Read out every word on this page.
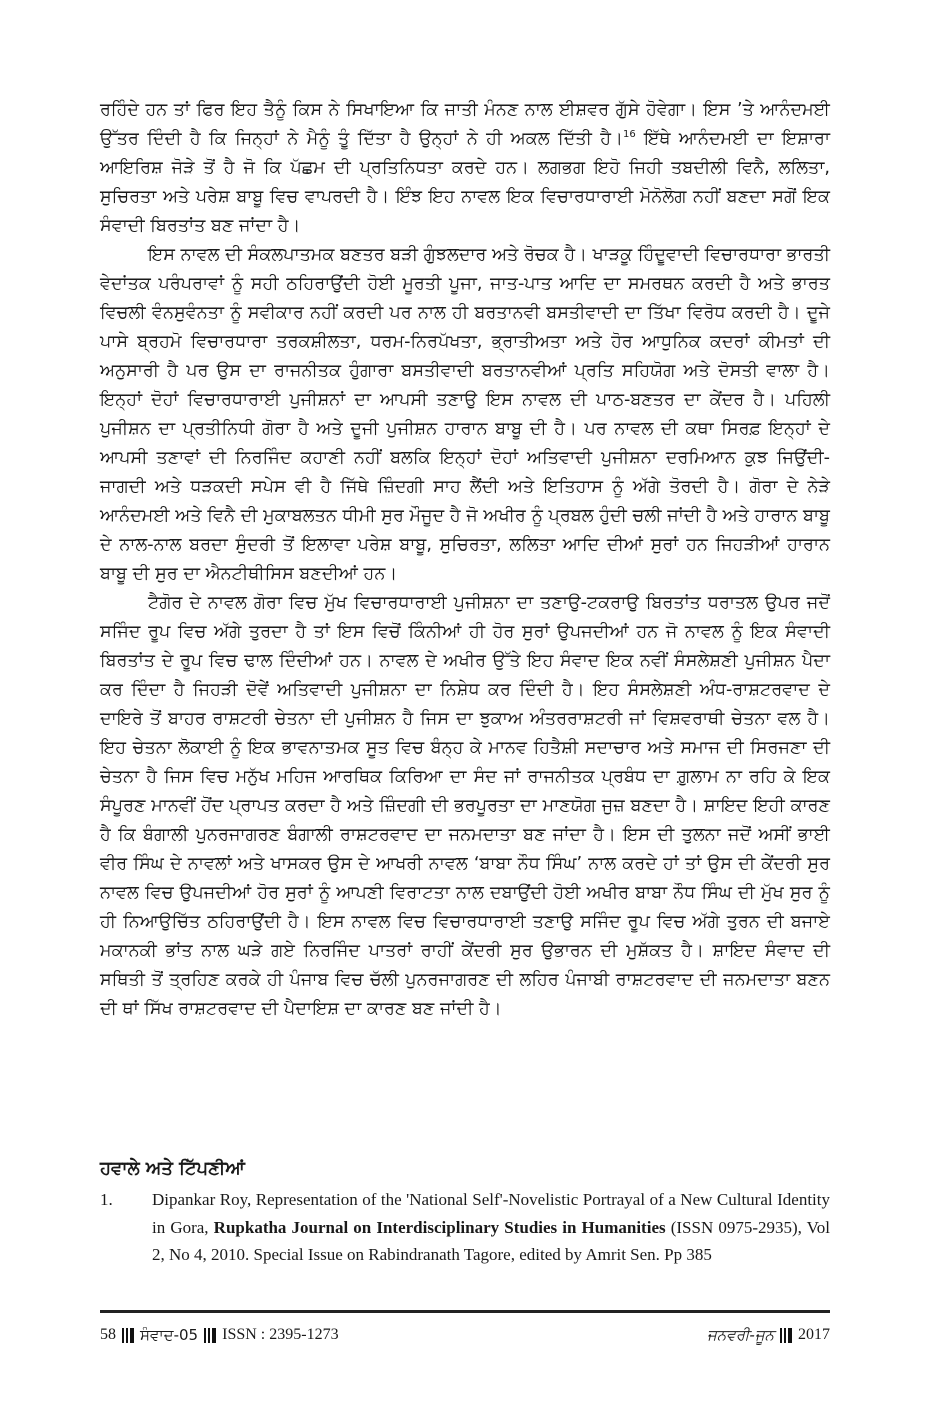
ਰਹਿੰਦੇ ਹਨ ਤਾਂ ਫਿਰ ਇਹ ਤੈਨੂੰ ਕਿਸ ਨੇ ਸਿਖਾਇਆ ਕਿ ਜਾਤੀ ਮੰਨਣ ਨਾਲ ਈਸ਼ਵਰ ਗੁੱਸੇ ਹੋਵੇਗਾ। ਇਸ ’ਤੇ ਆਨੰਦਮਈ ਉੱਤਰ ਦਿੰਦੀ ਹੈ ਕਿ ਜਿਨ੍ਹਾਂ ਨੇ ਮੈਨੂੰ ਤੂੰ ਦਿੱਤਾ ਹੈ ਉਨ੍ਹਾਂ ਨੇ ਹੀ ਅਕਲ ਦਿੱਤੀ ਹੈ।$^{16}$ ਇੱਥੇ ਆਨੰਦਮਈ ਦਾ ਇਸ਼ਾਰਾ ਆਇਰਿਸ਼ ਜੋੜੇ ਤੋਂ ਹੈ ਜੋ ਕਿ ਪੱਛਮ ਦੀ ਪ੍ਰਤਿਨਿਧਤਾ ਕਰਦੇ ਹਨ। ਲਗਭਗ ਇਹੋ ਜਿਹੀ ਤਬਦੀਲੀ ਵਿਨੈ, ਲਲਿਤਾ, ਸੁਚਿਰਤਾ ਅਤੇ ਪਰੇਸ਼ ਬਾਬੂ ਵਿਚ ਵਾਪਰਦੀ ਹੈ। ਇੰਝ ਇਹ ਨਾਵਲ ਇਕ ਵਿਚਾਰਧਾਰਾਈ ਮੋਨੋਲੋਗ ਨਹੀਂ ਬਣਦਾ ਸਗੋਂ ਇਕ ਸੰਵਾਦੀ ਬਿਰਤਾਂਤ ਬਣ ਜਾਂਦਾ ਹੈ।

ਇਸ ਨਾਵਲ ਦੀ ਸੰਕਲਪਾਤਮਕ ਬਣਤਰ ਬੜੀ ਗੁੰਝਲਦਾਰ ਅਤੇ ਰੋਚਕ ਹੈ। ਖਾੜਕੂ ਹਿੰਦੂਵਾਦੀ ਵਿਚਾਰਧਾਰਾ ਭਾਰਤੀ ਵੇਦਾਂਤਕ ਪਰੰਪਰਾਵਾਂ ਨੂੰ ਸਹੀ ਠਹਿਰਾਉਂਦੀ ਹੋਈ ਮੂਰਤੀ ਪੂਜਾ, ਜਾਤ-ਪਾਤ ਆਦਿ ਦਾ ਸਮਰਥਨ ਕਰਦੀ ਹੈ ਅਤੇ ਭਾਰਤ ਵਿਚਲੀ ਵੰਨਸੁਵੰਨਤਾ ਨੂੰ ਸਵੀਕਾਰ ਨਹੀਂ ਕਰਦੀ ਪਰ ਨਾਲ ਹੀ ਬਰਤਾਨਵੀ ਬਸਤੀਵਾਦੀ ਦਾ ਤਿੱਖਾ ਵਿਰੋਧ ਕਰਦੀ ਹੈ। ਦੂਜੇ ਪਾਸੇ ਬ੍ਰਹਮੋ ਵਿਚਾਰਧਾਰਾ ਤਰਕਸ਼ੀਲਤਾ, ਧਰਮ-ਨਿਰਪੱਖਤਾ, ਭ੍ਰਾਤੀਅਤਾ ਅਤੇ ਹੋਰ ਆਧੁਨਿਕ ਕਦਰਾਂ ਕੀਮਤਾਂ ਦੀ ਅਨੁਸਾਰੀ ਹੈ ਪਰ ਉਸ ਦਾ ਰਾਜਨੀਤਕ ਹੁੰਗਾਰਾ ਬਸਤੀਵਾਦੀ ਬਰਤਾਨਵੀਆਂ ਪ੍ਰਤਿ ਸਹਿਯੋਗ ਅਤੇ ਦੋਸਤੀ ਵਾਲਾ ਹੈ। ਇਨ੍ਹਾਂ ਦੋਹਾਂ ਵਿਚਾਰਧਾਰਾਈ ਪੁਜੀਸ਼ਨਾਂ ਦਾ ਆਪਸੀ ਤਣਾਉ ਇਸ ਨਾਵਲ ਦੀ ਪਾਠ-ਬਣਤਰ ਦਾ ਕੇਂਦਰ ਹੈ। ਪਹਿਲੀ ਪੁਜੀਸ਼ਨ ਦਾ ਪ੍ਰਤੀਨਿਧੀ ਗੋਰਾ ਹੈ ਅਤੇ ਦੂਜੀ ਪੁਜੀਸ਼ਨ ਹਾਰਾਨ ਬਾਬੂ ਦੀ ਹੈ। ਪਰ ਨਾਵਲ ਦੀ ਕਥਾ ਸਿਰਫ਼ ਇਨ੍ਹਾਂ ਦੇ ਆਪਸੀ ਤਣਾਵਾਂ ਦੀ ਨਿਰਜਿੰਦ ਕਹਾਣੀ ਨਹੀਂ ਬਲਕਿ ਇਨ੍ਹਾਂ ਦੋਹਾਂ ਅਤਿਵਾਦੀ ਪੁਜੀਸ਼ਨਾ ਦਰਮਿਆਨ ਕੁਝ ਜਿਉਂਦੀ-ਜਾਗਦੀ ਅਤੇ ਧੜਕਦੀ ਸਪੇਸ ਵੀ ਹੈ ਜਿੱਥੇ ਜ਼ਿੰਦਗੀ ਸਾਹ ਲੈਂਦੀ ਅਤੇ ਇਤਿਹਾਸ ਨੂੰ ਅੱਗੇ ਤੋਰਦੀ ਹੈ। ਗੋਰਾ ਦੇ ਨੇੜੇ ਆਨੰਦਮਈ ਅਤੇ ਵਿਨੈ ਦੀ ਮੁਕਾਬਲਤਨ ਧੀਮੀ ਸੁਰ ਮੌਜੂਦ ਹੈ ਜੋ ਅਖੀਰ ਨੂੰ ਪ੍ਰਬਲ ਹੁੰਦੀ ਚਲੀ ਜਾਂਦੀ ਹੈ ਅਤੇ ਹਾਰਾਨ ਬਾਬੂ ਦੇ ਨਾਲ-ਨਾਲ ਬਰਦਾ ਸੁੰਦਰੀ ਤੋਂ ਇਲਾਵਾ ਪਰੇਸ਼ ਬਾਬੂ, ਸੁਚਿਰਤਾ, ਲਲਿਤਾ ਆਦਿ ਦੀਆਂ ਸੁਰਾਂ ਹਨ ਜਿਹੜੀਆਂ ਹਾਰਾਨ ਬਾਬੂ ਦੀ ਸੁਰ ਦਾ ਐਨਟੀਥੀਸਿਸ ਬਣਦੀਆਂ ਹਨ।

ਟੈਗੋਰ ਦੇ ਨਾਵਲ ਗੋਰਾ ਵਿਚ ਮੁੱਖ ਵਿਚਾਰਧਾਰਾਈ ਪੁਜੀਸ਼ਨਾ ਦਾ ਤਣਾਉ-ਟਕਰਾਉ ਬਿਰਤਾਂਤ ਧਰਾਤਲ ਉਪਰ ਜਦੋਂ ਸਜਿੰਦ ਰੂਪ ਵਿਚ ਅੱਗੇ ਤੁਰਦਾ ਹੈ ਤਾਂ ਇਸ ਵਿਚੋਂ ਕਿੰਨੀਆਂ ਹੀ ਹੋਰ ਸੁਰਾਂ ਉਪਜਦੀਆਂ ਹਨ ਜੋ ਨਾਵਲ ਨੂੰ ਇਕ ਸੰਵਾਦੀ ਬਿਰਤਾਂਤ ਦੇ ਰੂਪ ਵਿਚ ਢਾਲ ਦਿੰਦੀਆਂ ਹਨ। ਨਾਵਲ ਦੇ ਅਖੀਰ ਉੱਤੇ ਇਹ ਸੰਵਾਦ ਇਕ ਨਵੀਂ ਸੰਸਲੇਸ਼ਣੀ ਪੁਜੀਸ਼ਨ ਪੈਦਾ ਕਰ ਦਿੰਦਾ ਹੈ ਜਿਹੜੀ ਦੋਵੇਂ ਅਤਿਵਾਦੀ ਪੁਜੀਸ਼ਨਾ ਦਾ ਨਿਸ਼ੇਧ ਕਰ ਦਿੰਦੀ ਹੈ। ਇਹ ਸੰਸਲੇਸ਼ਣੀ ਅੰਧ-ਰਾਸ਼ਟਰਵਾਦ ਦੇ ਦਾਇਰੇ ਤੋਂ ਬਾਹਰ ਰਾਸ਼ਟਰੀ ਚੇਤਨਾ ਦੀ ਪੁਜੀਸ਼ਨ ਹੈ ਜਿਸ ਦਾ ਝੁਕਾਅ ਅੰਤਰਰਾਸ਼ਟਰੀ ਜਾਂ ਵਿਸ਼ਵਰਾਥੀ ਚੇਤਨਾ ਵਲ ਹੈ। ਇਹ ਚੇਤਨਾ ਲੋਕਾਈ ਨੂੰ ਇਕ ਭਾਵਨਾਤਮਕ ਸੂਤ ਵਿਚ ਬੰਨ੍ਹ ਕੇ ਮਾਨਵ ਹਿਤੈਸ਼ੀ ਸਦਾਚਾਰ ਅਤੇ ਸਮਾਜ ਦੀ ਸਿਰਜਣਾ ਦੀ ਚੇਤਨਾ ਹੈ ਜਿਸ ਵਿਚ ਮਨੁੱਖ ਮਹਿਜ ਆਰਥਿਕ ਕਿਰਿਆ ਦਾ ਸੰਦ ਜਾਂ ਰਾਜਨੀਤਕ ਪ੍ਰਬੰਧ ਦਾ ਗ਼ੁਲਾਮ ਨਾ ਰਹਿ ਕੇ ਇਕ ਸੰਪੂਰਣ ਮਾਨਵੀਂ ਹੋਂਦ ਪ੍ਰਾਪਤ ਕਰਦਾ ਹੈ ਅਤੇ ਜ਼ਿੰਦਗੀ ਦੀ ਭਰਪੂਰਤਾ ਦਾ ਮਾਣਯੋਗ ਜੁਜ਼ ਬਣਦਾ ਹੈ। ਸ਼ਾਇਦ ਇਹੀ ਕਾਰਣ ਹੈ ਕਿ ਬੰਗਾਲੀ ਪੁਨਰਜਾਗਰਣ ਬੰਗਾਲੀ ਰਾਸ਼ਟਰਵਾਦ ਦਾ ਜਨਮਦਾਤਾ ਬਣ ਜਾਂਦਾ ਹੈ। ਇਸ ਦੀ ਤੁਲਨਾ ਜਦੋਂ ਅਸੀਂ ਭਾਈ ਵੀਰ ਸਿੰਘ ਦੇ ਨਾਵਲਾਂ ਅਤੇ ਖਾਸਕਰ ਉਸ ਦੇ ਆਖਰੀ ਨਾਵਲ ‘ਬਾਬਾ ਨੌਧ ਸਿੰਘ’ ਨਾਲ ਕਰਦੇ ਹਾਂ ਤਾਂ ਉਸ ਦੀ ਕੇਂਦਰੀ ਸੁਰ ਨਾਵਲ ਵਿਚ ਉਪਜਦੀਆਂ ਹੋਰ ਸੁਰਾਂ ਨੂੰ ਆਪਣੀ ਵਿਰਾਟਤਾ ਨਾਲ ਦਬਾਉਂਦੀ ਹੋਈ ਅਖੀਰ ਬਾਬਾ ਨੌਧ ਸਿੰਘ ਦੀ ਮੁੱਖ ਸੁਰ ਨੂੰ ਹੀ ਨਿਆਉਚਿੱਤ ਠਹਿਰਾਉਂਦੀ ਹੈ। ਇਸ ਨਾਵਲ ਵਿਚ ਵਿਚਾਰਧਾਰਾਈ ਤਣਾਉ ਸਜਿੰਦ ਰੂਪ ਵਿਚ ਅੱਗੇ ਤੁਰਨ ਦੀ ਬਜਾਏ ਮਕਾਨਕੀ ਭਾਂਤ ਨਾਲ ਘੜੇ ਗਏ ਨਿਰਜਿੰਦ ਪਾਤਰਾਂ ਰਾਹੀਂ ਕੇਂਦਰੀ ਸੁਰ ਉਭਾਰਨ ਦੀ ਮੁਸ਼ੱਕਤ ਹੈ। ਸ਼ਾਇਦ ਸੰਵਾਦ ਦੀ ਸਥਿਤੀ ਤੋਂ ਤ੍ਰਹਿਣ ਕਰਕੇ ਹੀ ਪੰਜਾਬ ਵਿਚ ਚੱਲੀ ਪੁਨਰਜਾਗਰਣ ਦੀ ਲਹਿਰ ਪੰਜਾਬੀ ਰਾਸ਼ਟਰਵਾਦ ਦੀ ਜਨਮਦਾਤਾ ਬਣਨ ਦੀ ਥਾਂ ਸਿੱਖ ਰਾਸ਼ਟਰਵਾਦ ਦੀ ਪੈਦਾਇਸ਼ ਦਾ ਕਾਰਣ ਬਣ ਜਾਂਦੀ ਹੈ।

ਹਵਾਲੇ ਅਤੇ ਟਿੱਪਣੀਆਂ
1.	Dipankar Roy, Representation of the 'National Self'-Novelistic Portrayal of a New Cultural Identity in Gora, Rupkatha Journal on Interdisciplinary Studies in Humanities (ISSN 0975-2935), Vol 2, No 4, 2010. Special Issue on Rabindranath Tagore, edited by Amrit Sen. Pp 385
58 ਸੰਵਾਦ-05 ISSN : 2395-1273	ਜਨਵਰੀ-ਜੂਨ 2017
